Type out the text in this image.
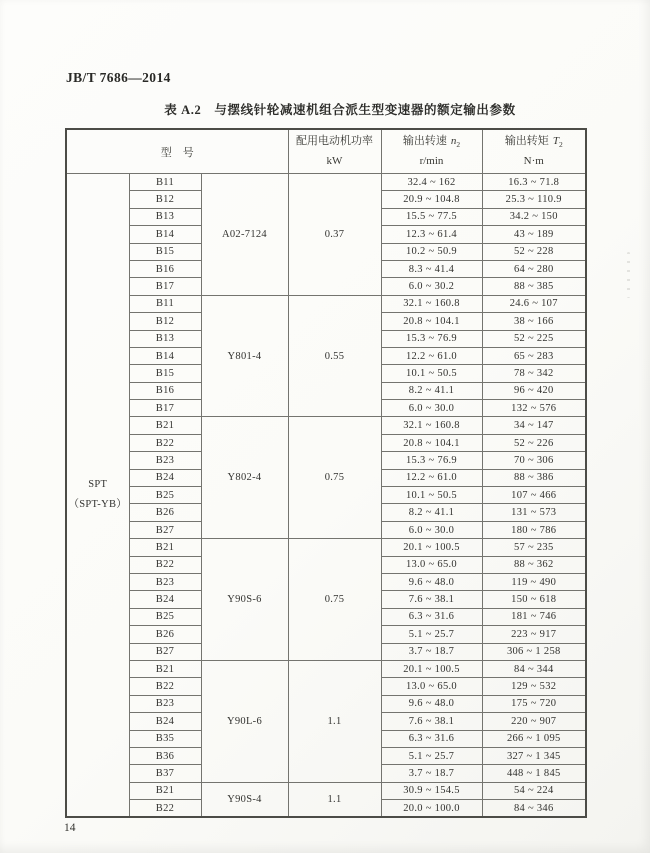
JB/T 7686—2014
表 A.2　与摆线针轮减速机组合派生型变速器的额定输出参数
型　号	
配用电动机功率
kW

输出转速 $n_2$
r/min

输出转矩 $T_2$
N·m

SPT
（SPT-YB）	B11	A02-7124	0.37	32.4 ~ 162	16.3 ~ 71.8
	B12			20.9 ~ 104.8	25.3 ~ 110.9
	B13			15.5 ~ 77.5	34.2 ~ 150
	B14			12.3 ~ 61.4	43 ~ 189
	B15			10.2 ~ 50.9	52 ~ 228
	B16			8.3 ~ 41.4	64 ~ 280
	B17			6.0 ~ 30.2	88 ~ 385
	B11	Y801-4	0.55	32.1 ~ 160.8	24.6 ~ 107
	B12			20.8 ~ 104.1	38 ~ 166
	B13			15.3 ~ 76.9	52 ~ 225
	B14			12.2 ~ 61.0	65 ~ 283
	B15			10.1 ~ 50.5	78 ~ 342
	B16			8.2 ~ 41.1	96 ~ 420
	B17			6.0 ~ 30.0	132 ~ 576
	B21	Y802-4	0.75	32.1 ~ 160.8	34 ~ 147
	B22			20.8 ~ 104.1	52 ~ 226
	B23			15.3 ~ 76.9	70 ~ 306
	B24			12.2 ~ 61.0	88 ~ 386
	B25			10.1 ~ 50.5	107 ~ 466
	B26			8.2 ~ 41.1	131 ~ 573
	B27			6.0 ~ 30.0	180 ~ 786
	B21	Y90S-6	0.75	20.1 ~ 100.5	57 ~ 235
	B22			13.0 ~ 65.0	88 ~ 362
	B23			9.6 ~ 48.0	119 ~ 490
	B24			7.6 ~ 38.1	150 ~ 618
	B25			6.3 ~ 31.6	181 ~ 746
	B26			5.1 ~ 25.7	223 ~ 917
	B27			3.7 ~ 18.7	306 ~ 1 258
	B21	Y90L-6	1.1	20.1 ~ 100.5	84 ~ 344
	B22			13.0 ~ 65.0	129 ~ 532
	B23			9.6 ~ 48.0	175 ~ 720
	B24			7.6 ~ 38.1	220 ~ 907
	B35			6.3 ~ 31.6	266 ~ 1 095
	B36			5.1 ~ 25.7	327 ~ 1 345
	B37			3.7 ~ 18.7	448 ~ 1 845
	B21	Y90S-4	1.1	30.9 ~ 154.5	54 ~ 224
	B22			20.0 ~ 100.0	84 ~ 346
14
